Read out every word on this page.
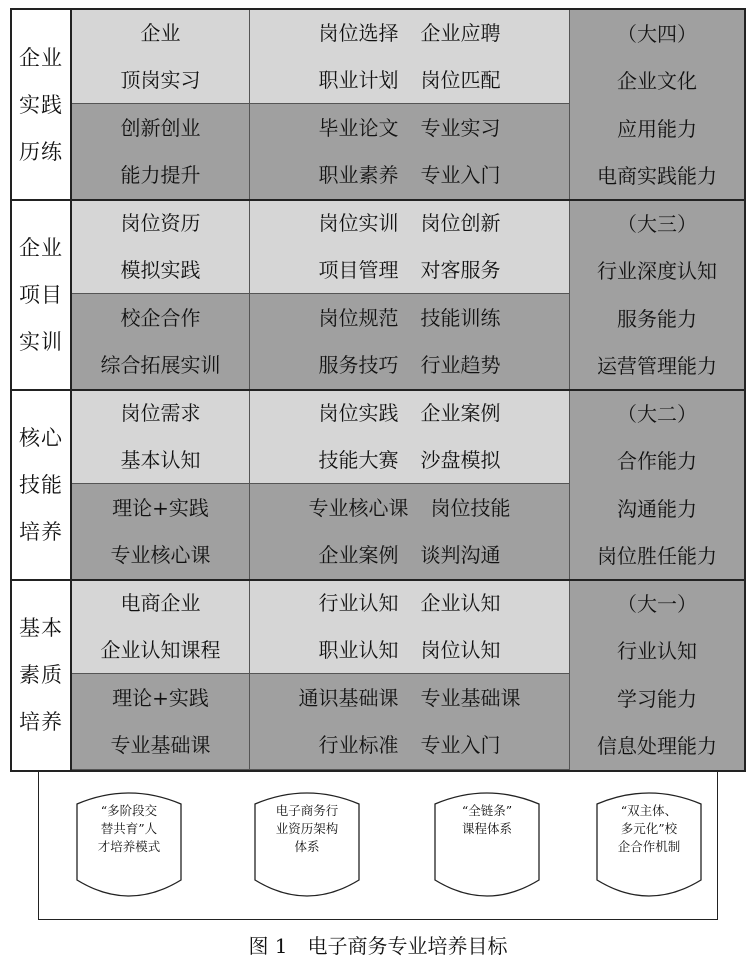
企业
实践
历练
企业
顶岗实习
岗位选择 企业应聘
职业计划 岗位匹配
创新创业
能力提升
毕业论文 专业实习
职业素养 专业入门
（大四）
企业文化
应用能力
电商实践能力
企业
项目
实训
岗位资历
模拟实践
岗位实训 岗位创新
项目管理 对客服务
校企合作
综合拓展实训
岗位规范 技能训练
服务技巧 行业趋势
（大三）
行业深度认知
服务能力
运营管理能力
核心
技能
培养
岗位需求
基本认知
岗位实践 企业案例
技能大赛 沙盘模拟
理论+实践
专业核心课
专业核心课 岗位技能
企业案例 谈判沟通
（大二）
合作能力
沟通能力
岗位胜任能力
基本
素质
培养
电商企业
企业认知课程
行业认知 企业认知
职业认知 岗位认知
理论+实践
专业基础课
通识基础课 专业基础课
行业标准 专业入门
（大一）
行业认知
学习能力
信息处理能力
“多阶段交
替共育”人
才培养模式
电子商务行
业资历架构
体系
“全链条”
课程体系
“双主体、
多元化”校
企合作机制
图 1　电子商务专业培养目标
